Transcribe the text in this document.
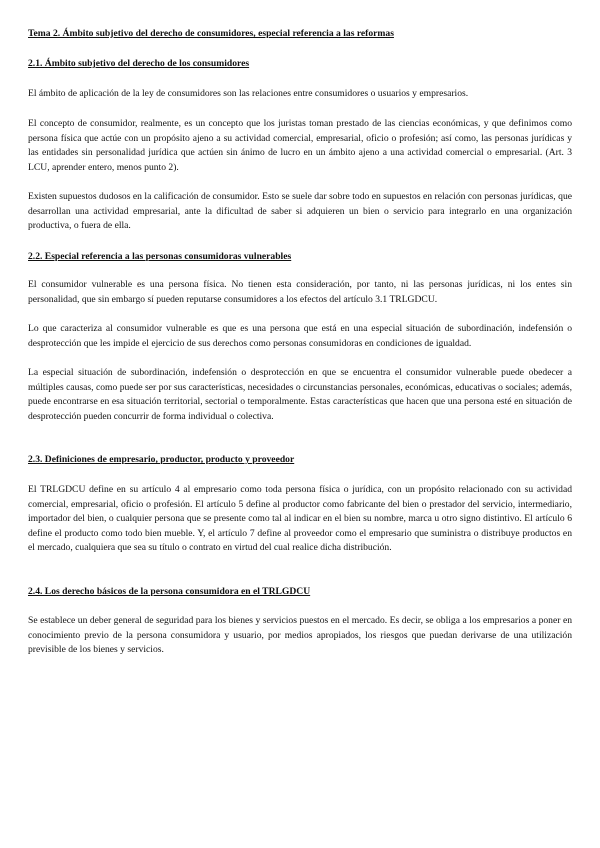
Tema 2. Ámbito subjetivo del derecho de consumidores, especial referencia a las reformas

2.1. Ámbito subjetivo del derecho de los consumidores

El ámbito de aplicación de la ley de consumidores son las relaciones entre consumidores o usuarios y empresarios.

El concepto de consumidor, realmente, es un concepto que los juristas toman prestado de las ciencias económicas, y que definimos como persona física que actúe con un propósito ajeno a su actividad comercial, empresarial, oficio o profesión; así como, las personas jurídicas y las entidades sin personalidad jurídica que actúen sin ánimo de lucro en un ámbito ajeno a una actividad comercial o empresarial. (Art. 3 LCU, aprender entero, menos punto 2).

Existen supuestos dudosos en la calificación de consumidor. Esto se suele dar sobre todo en supuestos en relación con personas jurídicas, que desarrollan una actividad empresarial, ante la dificultad de saber si adquieren un bien o servicio para integrarlo en una organización productiva, o fuera de ella.

2.2. Especial referencia a las personas consumidoras vulnerables

El consumidor vulnerable es una persona física. No tienen esta consideración, por tanto, ni las personas jurídicas, ni los entes sin personalidad, que sin embargo sí pueden reputarse consumidores a los efectos del artículo 3.1 TRLGDCU.

Lo que caracteriza al consumidor vulnerable es que es una persona que está en una especial situación de subordinación, indefensión o desprotección que les impide el ejercicio de sus derechos como personas consumidoras en condiciones de igualdad.

La especial situación de subordinación, indefensión o desprotección en que se encuentra el consumidor vulnerable puede obedecer a múltiples causas, como puede ser por sus características, necesidades o circunstancias personales, económicas, educativas o sociales; además, puede encontrarse en esa situación territorial, sectorial o temporalmente. Estas características que hacen que una persona esté en situación de desprotección pueden concurrir de forma individual o colectiva.

2.3. Definiciones de empresario, productor, producto y proveedor

El TRLGDCU define en su artículo 4 al empresario como toda persona física o jurídica, con un propósito relacionado con su actividad comercial, empresarial, oficio o profesión. El artículo 5 define al productor como fabricante del bien o prestador del servicio, intermediario, importador del bien, o cualquier persona que se presente como tal al indicar en el bien su nombre, marca u otro signo distintivo. El artículo 6 define el producto como todo bien mueble. Y, el artículo 7 define al proveedor como el empresario que suministra o distribuye productos en el mercado, cualquiera que sea su título o contrato en virtud del cual realice dicha distribución.

2.4. Los derecho básicos de la persona consumidora en el TRLGDCU

Se establece un deber general de seguridad para los bienes y servicios puestos en el mercado. Es decir, se obliga a los empresarios a poner en conocimiento previo de la persona consumidora y usuario, por medios apropiados, los riesgos que puedan derivarse de una utilización previsible de los bienes y servicios.
